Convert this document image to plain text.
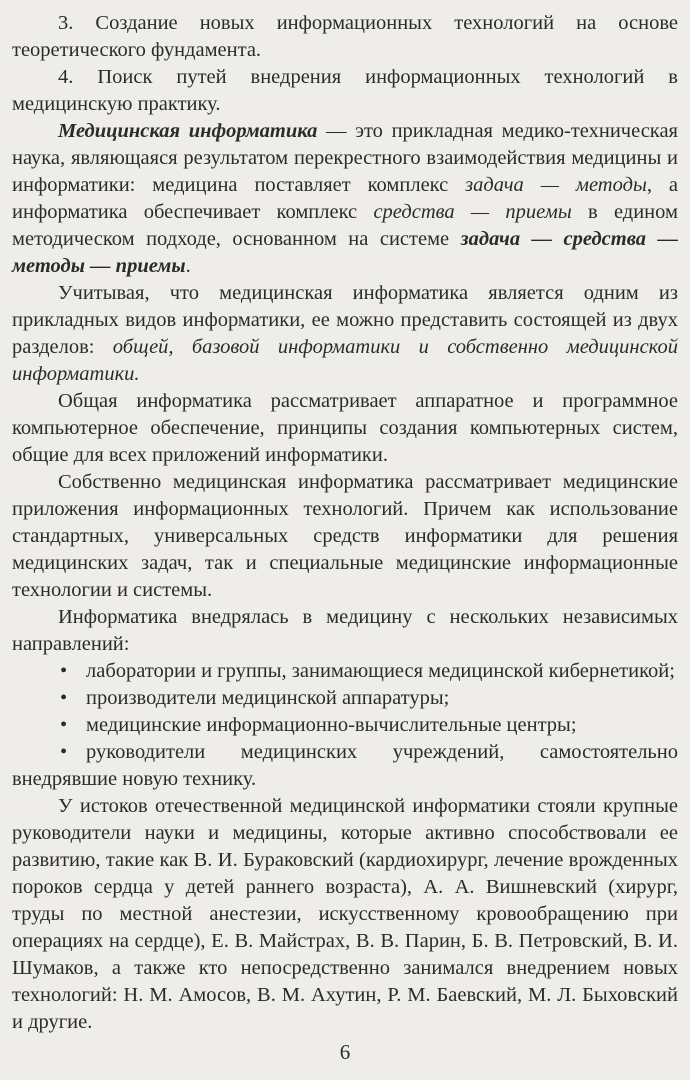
3. Создание новых информационных технологий на основе теоретического фундамента.

4. Поиск путей внедрения информационных технологий в медицинскую практику.

Медицинская информатика — это прикладная медико-техническая наука, являющаяся результатом перекрестного взаимодействия медицины и информатики: медицина поставляет комплекс задача — методы, а информатика обеспечивает комплекс средства — приемы в едином методическом подходе, основанном на системе задача — средства — методы — приемы.

Учитывая, что медицинская информатика является одним из прикладных видов информатики, ее можно представить состоящей из двух разделов: общей, базовой информатики и собственно медицинской информатики.

Общая информатика рассматривает аппаратное и программное компьютерное обеспечение, принципы создания компьютерных систем, общие для всех приложений информатики.

Собственно медицинская информатика рассматривает медицинские приложения информационных технологий. Причем как использование стандартных, универсальных средств информатики для решения медицинских задач, так и специальные медицинские информационные технологии и системы.

Информатика внедрялась в медицину с нескольких независимых направлений:

• лаборатории и группы, занимающиеся медицинской кибернетикой;

• производители медицинской аппаратуры;

• медицинские информационно-вычислительные центры;

• руководители медицинских учреждений, самостоятельно внедрявшие новую технику.

У истоков отечественной медицинской информатики стояли крупные руководители науки и медицины, которые активно способствовали ее развитию, такие как В. И. Бураковский (кардиохирург, лечение врожденных пороков сердца у детей раннего возраста), А. А. Вишневский (хирург, труды по местной анестезии, искусственному кровообращению при операциях на сердце), Е. В. Майстрах, В. В. Парин, Б. В. Петровский, В. И. Шумаков, а также кто непосредственно занимался внедрением новых технологий: Н. М. Амосов, В. М. Ахутин, Р. М. Баевский, М. Л. Быховский и другие.

6
